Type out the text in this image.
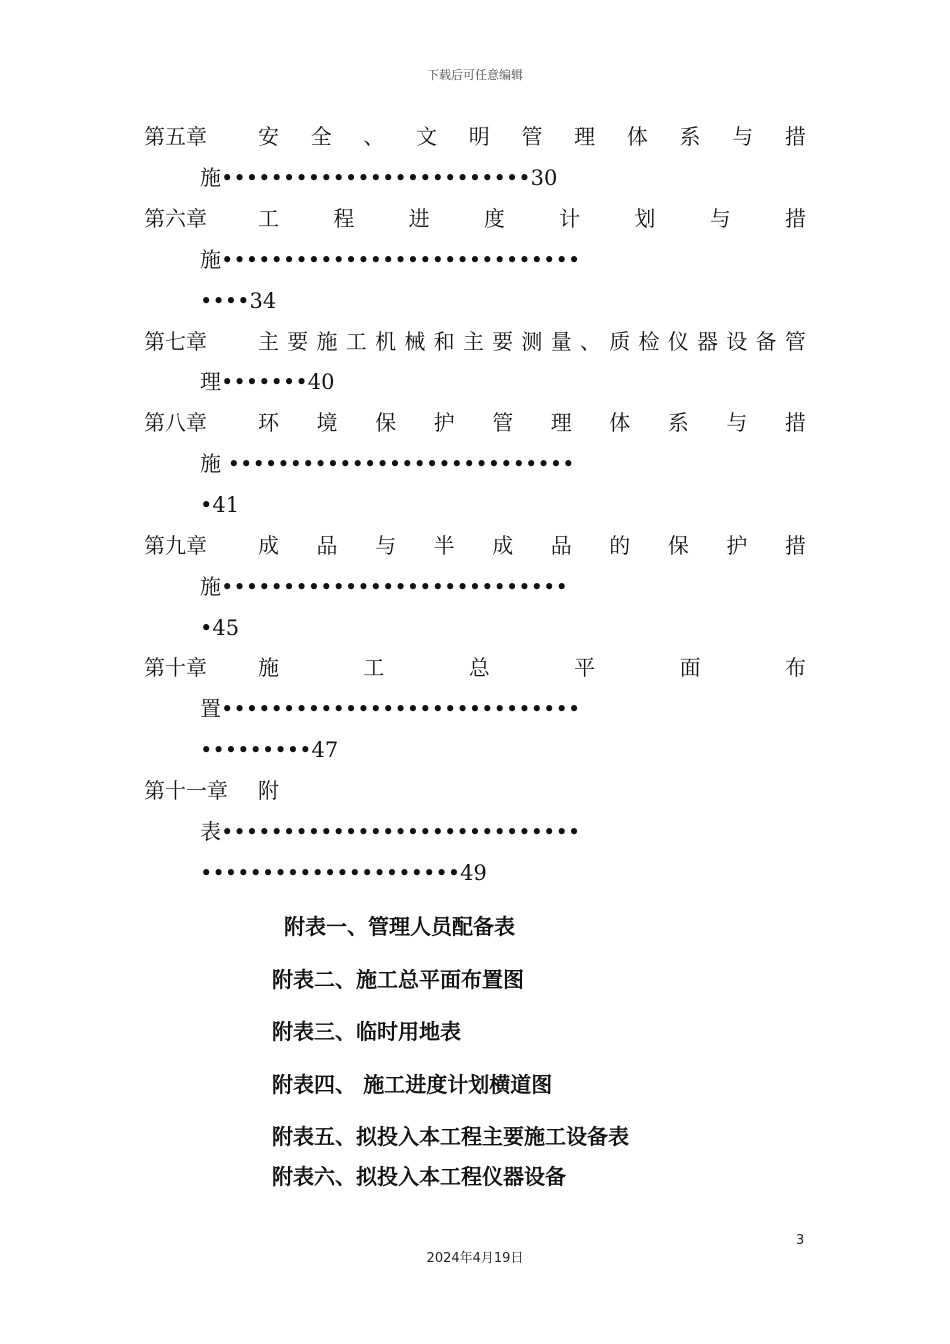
下载后可任意编辑
第五章 安 全 、 文 明 管 理 体 系 与 措
施•••••••••••••••••••••••••30
第六章 工	程	进	度	计	划	与	措
施•••••••••••••••••••••••••••••
••••34
第七章 主 要 施 工 机 械 和 主 要 测 量 、 质 检 仪 器 设 备 管
理•••••••40
第八章 环 境 保 护 管 理 体 系 与 措
施 ••••••••••••••••••••••••••••
•41
第九章 成 品 与 半 成 品 的 保 护 措
施••••••••••••••••••••••••••••
•45
第十章 施	工	总	平	面	布
置•••••••••••••••••••••••••••••
•••••••••47
第十一章 附
表•••••••••••••••••••••••••••••
•••••••••••••••••••••49
附表一、管理人员配备表
附表二、施工总平面布置图
附表三、临时用地表
附表四、 施工进度计划横道图
附表五、拟投入本工程主要施工设备表
附表六、拟投入本工程仪器设备
3
2024年4月19日
